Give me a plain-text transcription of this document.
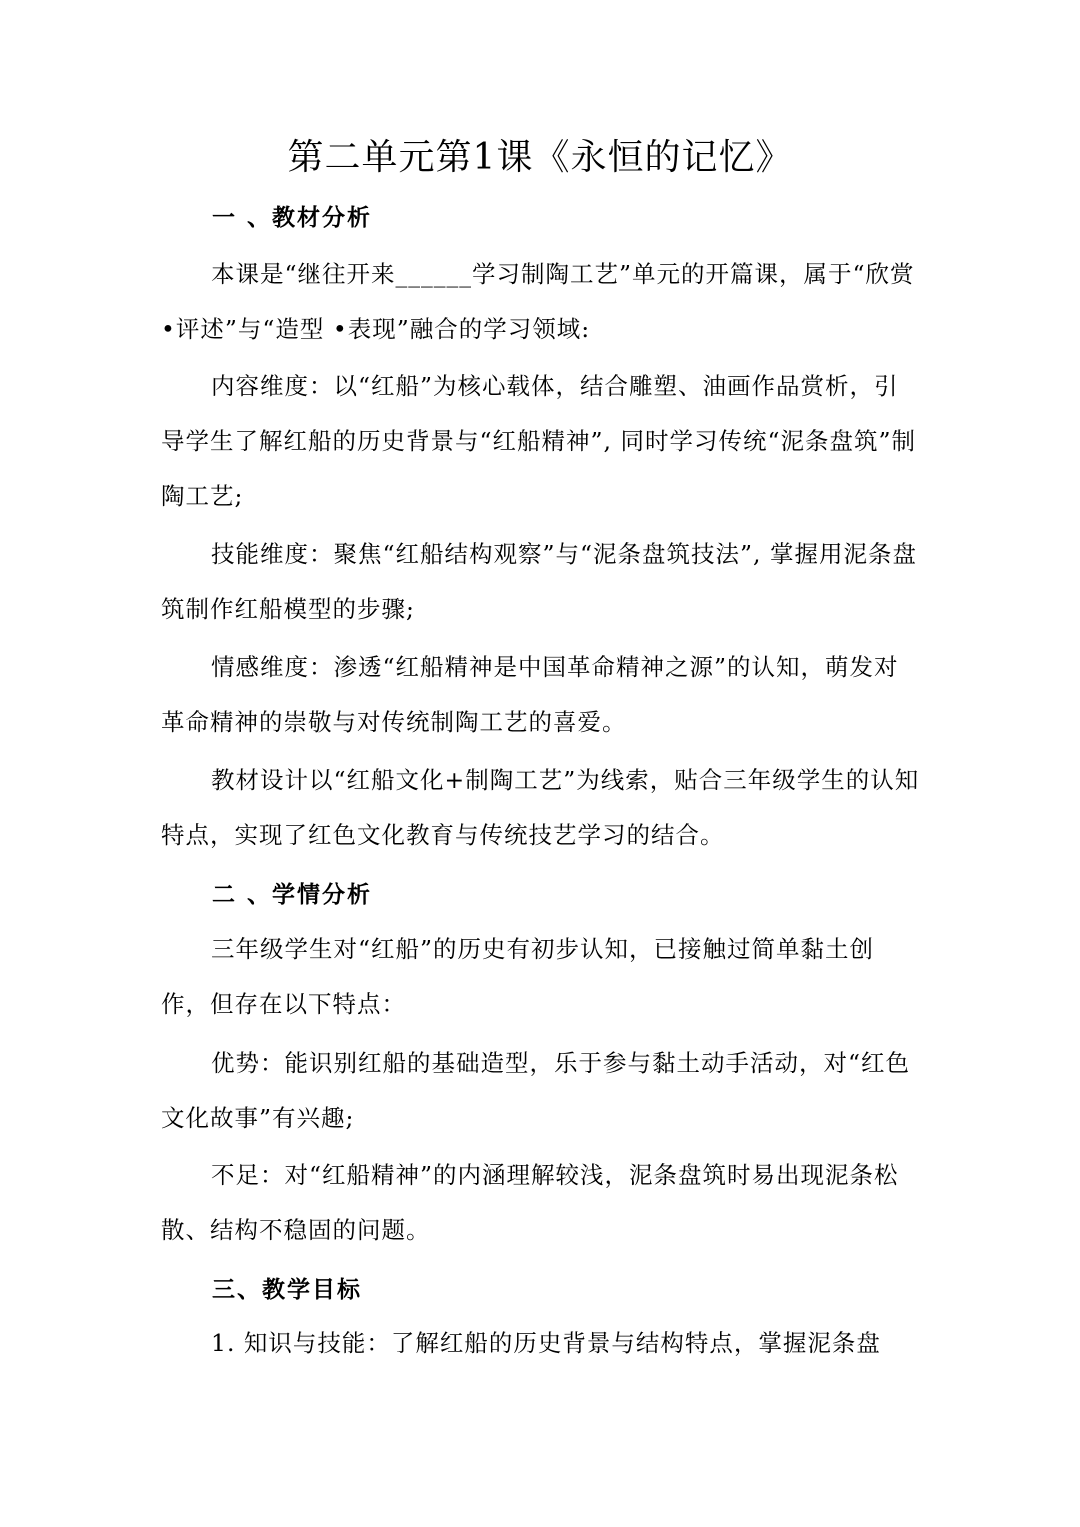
第二单元第1课《永恒的记忆》
一 、教材分析
本课是“继往开来______学习制陶工艺”单元的开篇课，属于“欣赏 •评述”与“造型 •表现”融合的学习领域:
内容维度：以“红船”为核心载体，结合雕塑、油画作品赏析，引导学生了解红船的历史背景与“红船精神”, 同时学习传统“泥条盘筑”制陶工艺;
技能维度：聚焦“红船结构观察”与“泥条盘筑技法”, 掌握用泥条盘筑制作红船模型的步骤;
情感维度：渗透“红船精神是中国革命精神之源”的认知，萌发对革命精神的崇敬与对传统制陶工艺的喜爱。
教材设计以“红船文化+制陶工艺”为线索，贴合三年级学生的认知特点，实现了红色文化教育与传统技艺学习的结合。
二 、学情分析
三年级学生对“红船”的历史有初步认知，已接触过简单黏土创作，但存在以下特点：
优势：能识别红船的基础造型，乐于参与黏土动手活动，对“红色文化故事”有兴趣;
不足：对“红船精神”的内涵理解较浅，泥条盘筑时易出现泥条松散、结构不稳固的问题。
三、教学目标
1. 知识与技能：了解红船的历史背景与结构特点，掌握泥条盘
